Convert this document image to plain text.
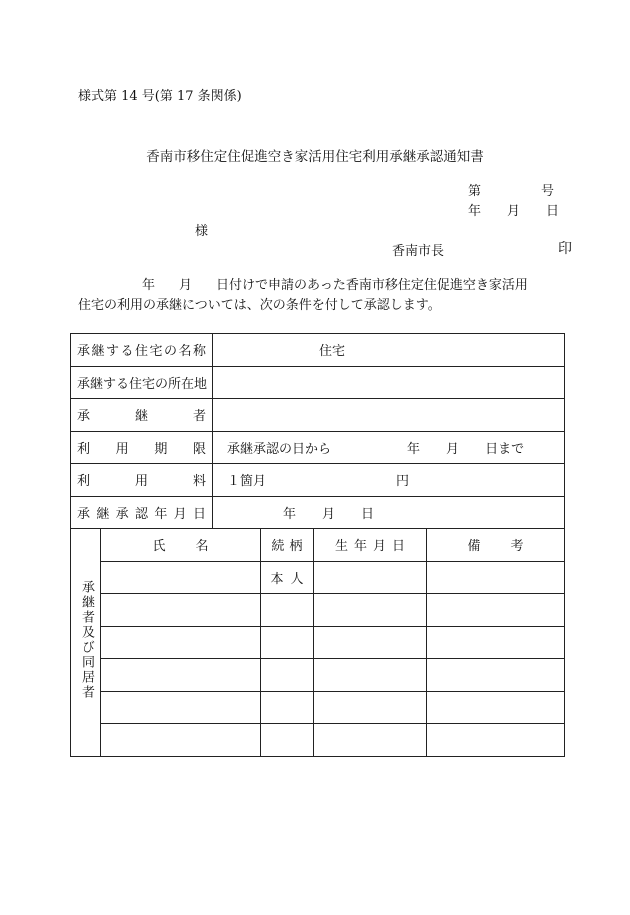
様式第 14 号(第 17 条関係)
香南市移住定住促進空き家活用住宅利用承継承認通知書
第	号
年 月 日
様
香南市長	印
年 月 日付けで申請のあった香南市移住定住促進空き家活用
住宅の利用の承継については、次の条件を付して承認します。
承継する住宅の名称		住宅			
承継する住宅の所在地					
承継者					
利用期限		承継承認の日から 年 月 日まで			
利用料		１箇月 円			
承継承認年月日		年 月 日			
承継者及び同居者	氏名		続柄	生年月日	備考
			本人		
